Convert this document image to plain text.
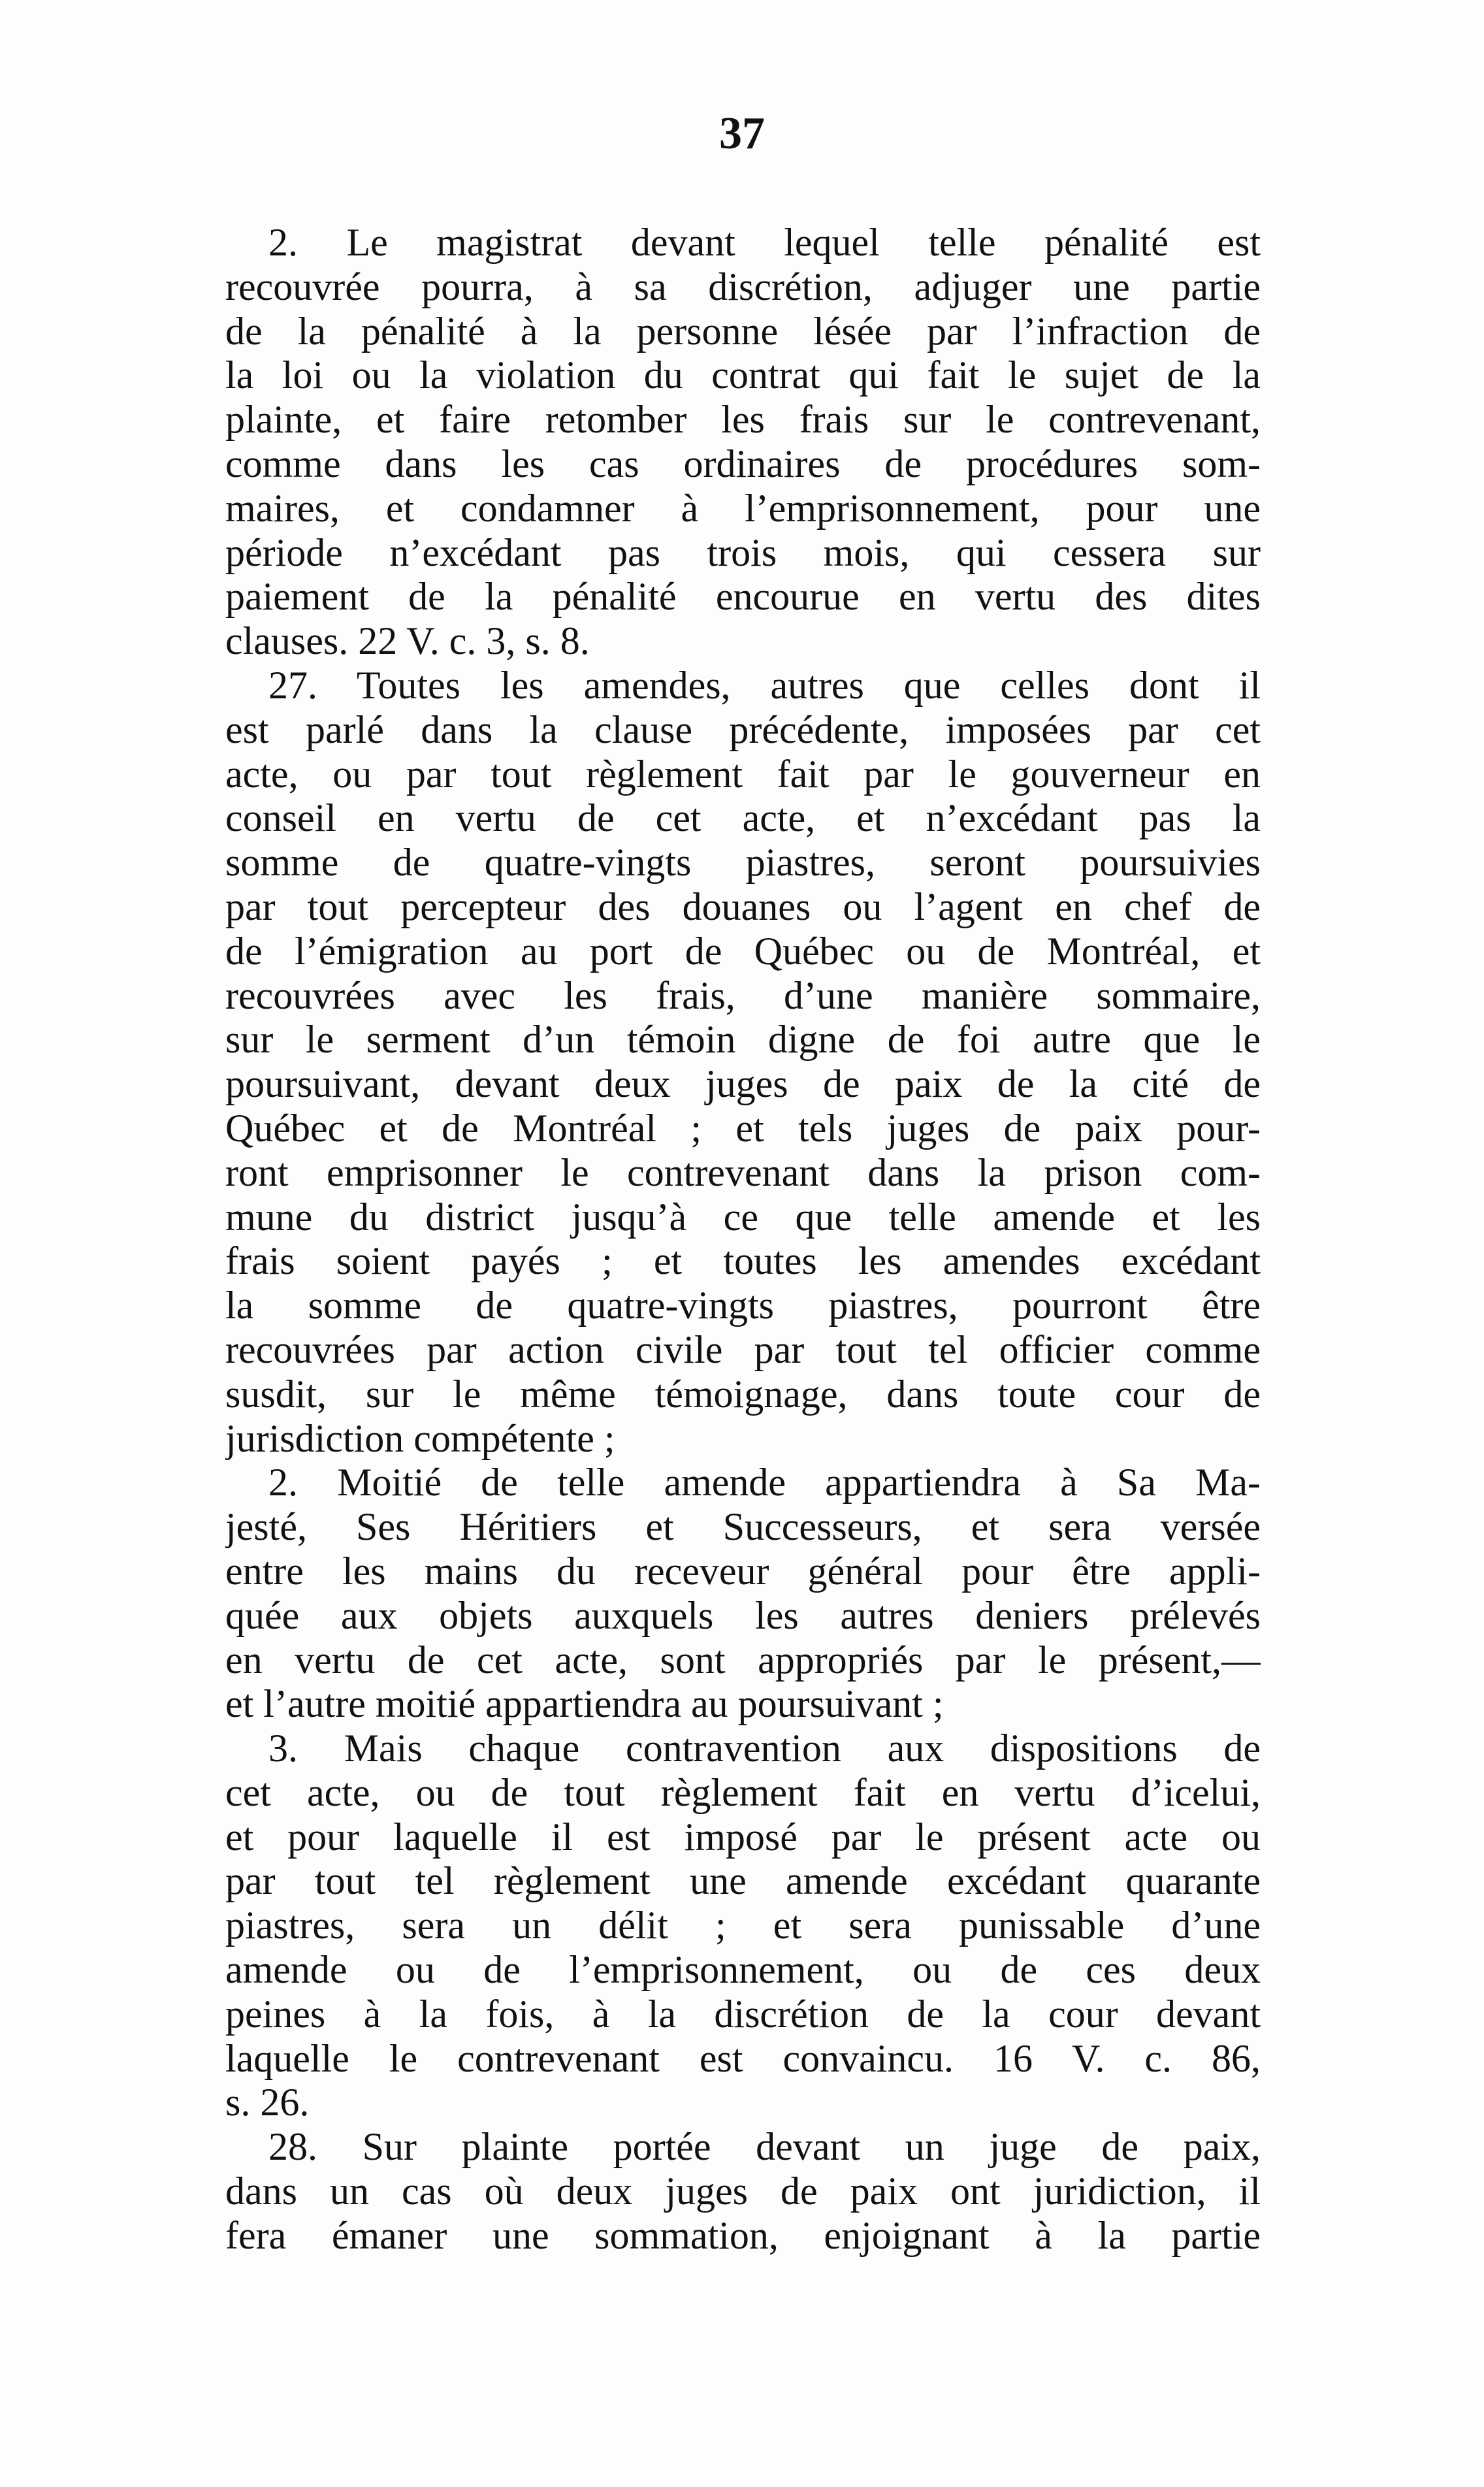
37
2. Le magistrat devant lequel telle pénalité est
recouvrée pourra, à sa discrétion, adjuger une partie
de la pénalité à la personne lésée par l’infraction de
la loi ou la violation du contrat qui fait le sujet de la
plainte, et faire retomber les frais sur le contrevenant,
comme dans les cas ordinaires de procédures som-
maires, et condamner à l’emprisonnement, pour une
période n’excédant pas trois mois, qui cessera sur
paiement de la pénalité encourue en vertu des dites
clauses. 22 V. c. 3, s. 8.
27. Toutes les amendes, autres que celles dont il
est parlé dans la clause précédente, imposées par cet
acte, ou par tout règlement fait par le gouverneur en
conseil en vertu de cet acte, et n’excédant pas la
somme de quatre-vingts piastres, seront poursuivies
par tout percepteur des douanes ou l’agent en chef de
de l’émigration au port de Québec ou de Montréal, et
recouvrées avec les frais, d’une manière sommaire,
sur le serment d’un témoin digne de foi autre que le
poursuivant, devant deux juges de paix de la cité de
Québec et de Montréal ; et tels juges de paix pour-
ront emprisonner le contrevenant dans la prison com-
mune du district jusqu’à ce que telle amende et les
frais soient payés ; et toutes les amendes excédant
la somme de quatre-vingts piastres, pourront être
recouvrées par action civile par tout tel officier comme
susdit, sur le même témoignage, dans toute cour de
jurisdiction compétente ;
2. Moitié de telle amende appartiendra à Sa Ma-
jesté, Ses Héritiers et Successeurs, et sera versée
entre les mains du receveur général pour être appli-
quée aux objets auxquels les autres deniers prélevés
en vertu de cet acte, sont appropriés par le présent,—
et l’autre moitié appartiendra au poursuivant ;
3. Mais chaque contravention aux dispositions de
cet acte, ou de tout règlement fait en vertu d’icelui,
et pour laquelle il est imposé par le présent acte ou
par tout tel règlement une amende excédant quarante
piastres, sera un délit ; et sera punissable d’une
amende ou de l’emprisonnement, ou de ces deux
peines à la fois, à la discrétion de la cour devant
laquelle le contrevenant est convaincu. 16 V. c. 86,
s. 26.
28. Sur plainte portée devant un juge de paix,
dans un cas où deux juges de paix ont juridiction, il
fera émaner une sommation, enjoignant à la partie
